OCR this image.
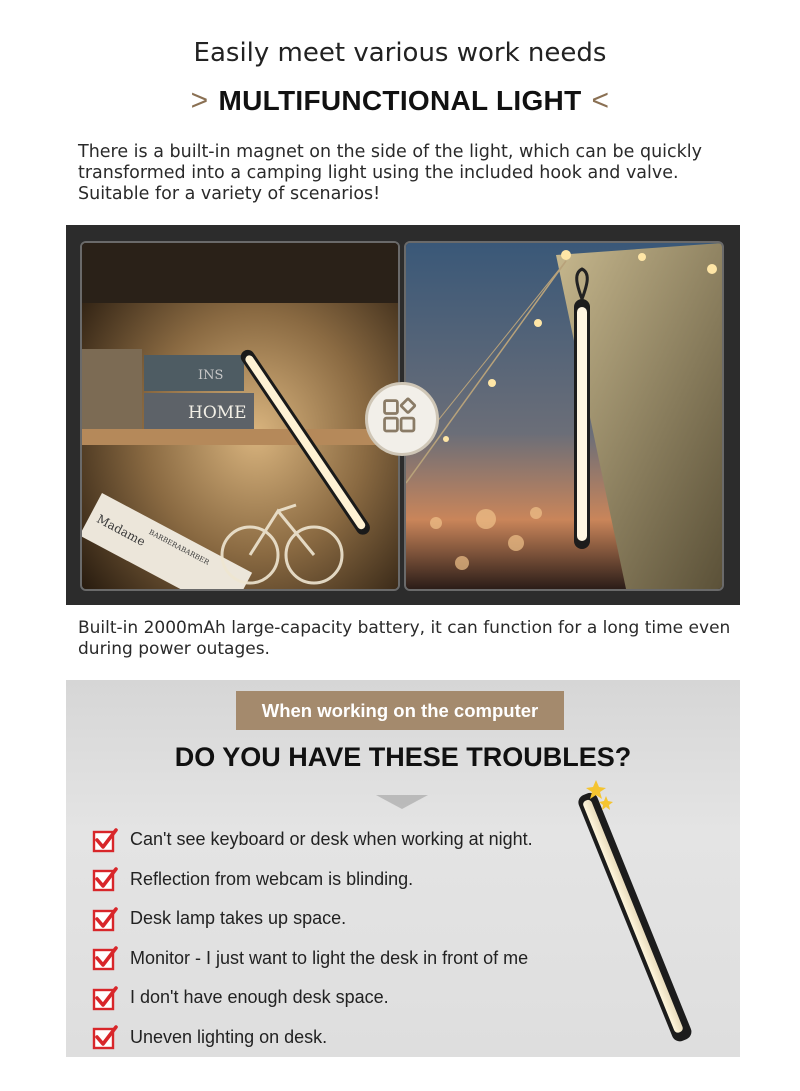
Easily meet various work needs
> MULTIFUNCTIONAL LIGHT <
There is a built-in magnet on the side of the light, which can be quickly transformed into a camping light using the included hook and valve. Suitable for a variety of scenarios!
HOME
INS
Madame BARBERABARBER
Built-in 2000mAh large-capacity battery, it can function for a long time even during power outages.
When working on the computer
DO YOU HAVE THESE TROUBLES?
Can't see keyboard or desk when working at night.
Reflection from webcam is blinding.
Desk lamp takes up space.
Monitor - I just want to light the desk in front of me
I don't have enough desk space.
Uneven lighting on desk.
